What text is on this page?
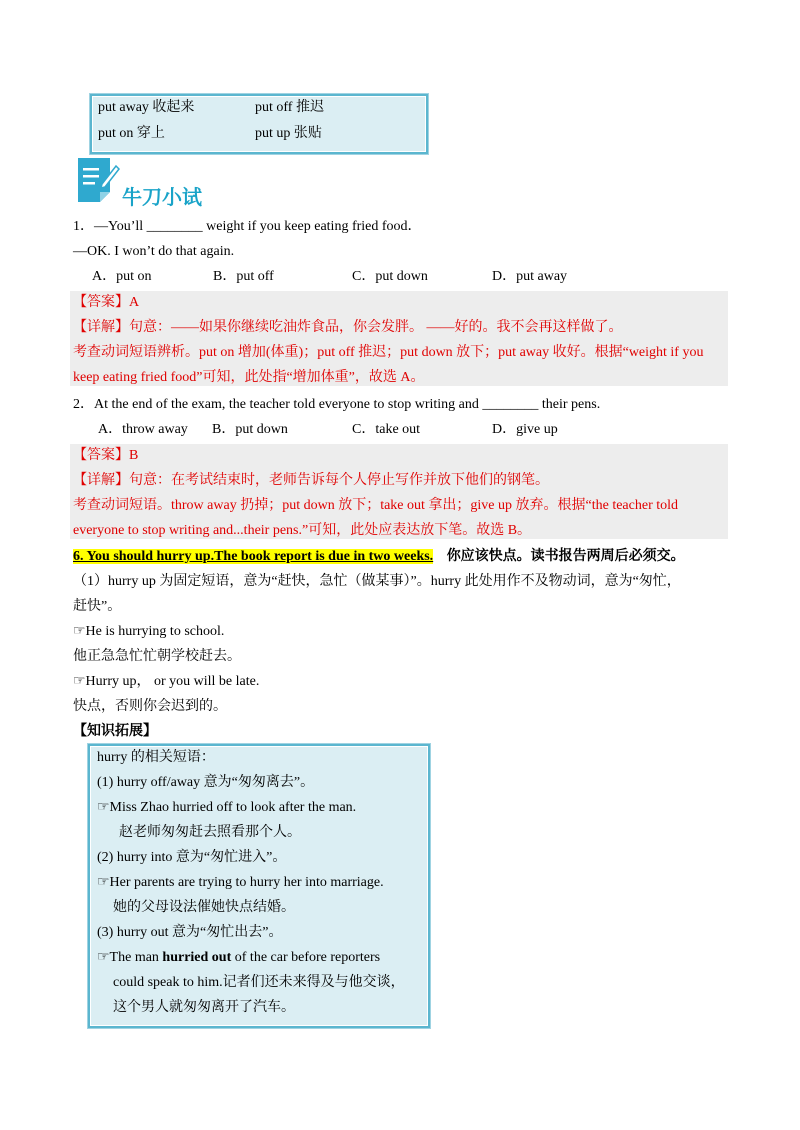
put away 收起来	put off 推迟
put on 穿上	put up 张贴
牛刀小试
1．—You’ll ________ weight if you keep eating fried food．
—OK. I won’t do that again.
A．put on	B．put off	C．put down	D．put away
【答案】A
【详解】句意：——如果你继续吃油炸食品，你会发胖。 ——好的。我不会再这样做了。
考查动词短语辨析。put on 增加(体重)；put off 推迟；put down 放下；put away 收好。根据“weight if you
keep eating fried food”可知，此处指“增加体重”，故选 A。
2．At the end of the exam, the teacher told everyone to stop writing and ________ their pens.
A．throw away B．put down	C．take out	D．give up
【答案】B
【详解】句意：在考试结束时，老师告诉每个人停止写作并放下他们的钢笔。
考查动词短语。throw away 扔掉；put down 放下；take out 拿出；give up 放弃。根据“the teacher told
everyone to stop writing and...their pens.”可知，此处应表达放下笔。故选 B。
6. You should hurry up.The book report is due in two weeks. 你应该快点。读书报告两周后必须交。
（1）hurry up 为固定短语，意为“赶快，急忙（做某事）”。hurry 此处用作不及物动词，意为“匆忙，
赶快”。
☞He is hurrying to school.
他正急急忙忙朝学校赶去。
☞Hurry up， or you will be late.
快点，否则你会迟到的。
【知识拓展】
hurry 的相关短语：
(1) hurry off/away 意为“匆匆离去”。
☞Miss Zhao hurried off to look after the man.
赵老师匆匆赶去照看那个人。
(2) hurry into 意为“匆忙进入”。
☞Her parents are trying to hurry her into marriage.
她的父母设法催她快点结婚。
(3) hurry out 意为“匆忙出去”。
☞The man hurried out of the car before reporters
could speak to him.记者们还未来得及与他交谈，
这个男人就匆匆离开了汽车。
